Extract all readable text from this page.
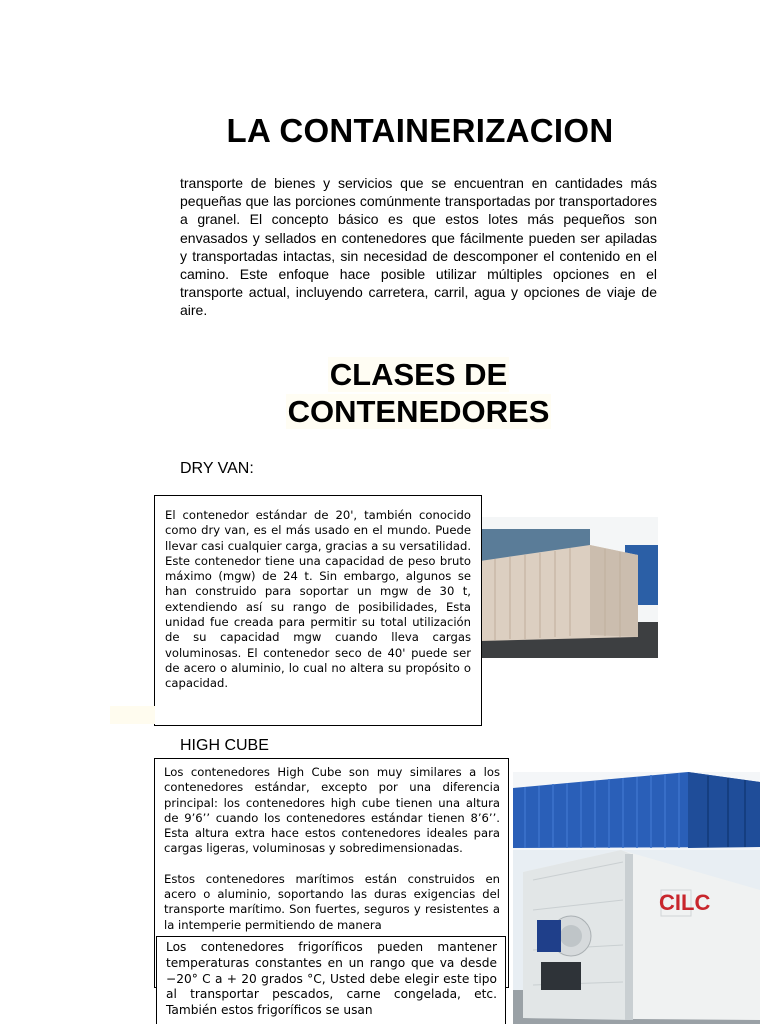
LA CONTAINERIZACION
transporte de bienes y servicios que se encuentran en cantidades más pequeñas que las porciones comúnmente transportadas por transportadores a granel. El concepto básico es que estos lotes más pequeños son envasados y sellados en contenedores que fácilmente pueden ser apiladas y transportadas intactas, sin necesidad de descomponer el contenido en el camino. Este enfoque hace posible utilizar múltiples opciones en el transporte actual, incluyendo carretera, carril, agua y opciones de viaje de aire.
CLASES DE
CONTENEDORES
DRY VAN:

El contenedor estándar de 20', también conocido como dry van, es el más usado en el mundo. Puede llevar casi cualquier carga, gracias a su versatilidad. Este contenedor tiene una capacidad de peso bruto máximo (mgw) de 24 t. Sin embargo, algunos se han construido para soportar un mgw de 30 t, extendiendo así su rango de posibilidades, Esta unidad fue creada para permitir su total utilización de su capacidad mgw cuando lleva cargas voluminosas. El contenedor seco de 40' puede ser de acero o aluminio, lo cual no altera su propósito o capacidad.

HIGH CUBE
CILC

Los contenedores High Cube son muy similares a los contenedores estándar, excepto por una diferencia principal: los contenedores high cube tienen una altura de 9’6’’ cuando los contenedores estándar tienen 8’6’’. Esta altura extra hace estos contenedores ideales para cargas ligeras, voluminosas y sobredimensionadas.

Estos contenedores marítimos están construidos en acero o aluminio, soportando las duras exigencias del transporte marítimo. Son fuertes, seguros y resistentes a la intemperie permitiendo de manera

Los contenedores frigoríficos pueden mantener temperaturas constantes en un rango que va desde −20° C a + 20 grados °C, Usted debe elegir este tipo al transportar pescados, carne congelada, etc. También estos frigoríficos se usan
